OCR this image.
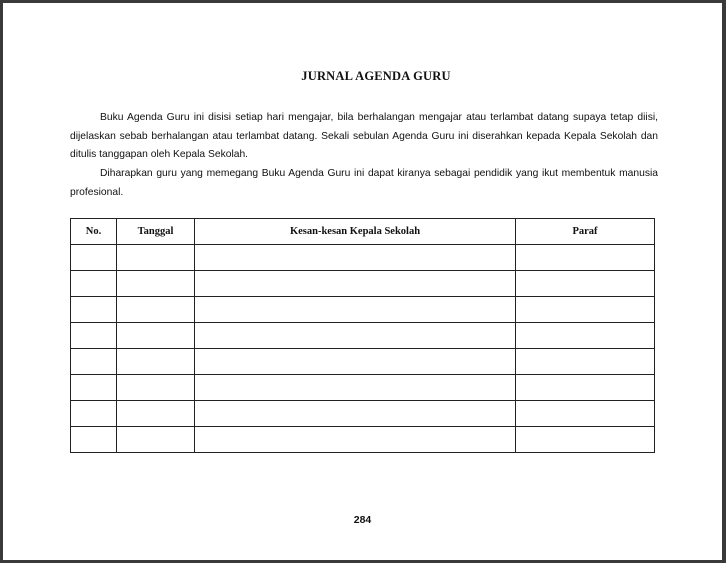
JURNAL AGENDA GURU

Buku Agenda Guru ini disisi setiap hari mengajar, bila berhalangan mengajar atau terlambat datang supaya tetap diisi, dijelaskan sebab berhalangan atau terlambat datang. Sekali sebulan Agenda Guru ini diserahkan kepada Kepala Sekolah dan ditulis tanggapan oleh Kepala Sekolah.

Diharapkan guru yang memegang Buku Agenda Guru ini dapat kiranya sebagai pendidik yang ikut membentuk manusia profesional.

No.	Tanggal	Kesan-kesan Kepala Sekolah	Paraf

284
